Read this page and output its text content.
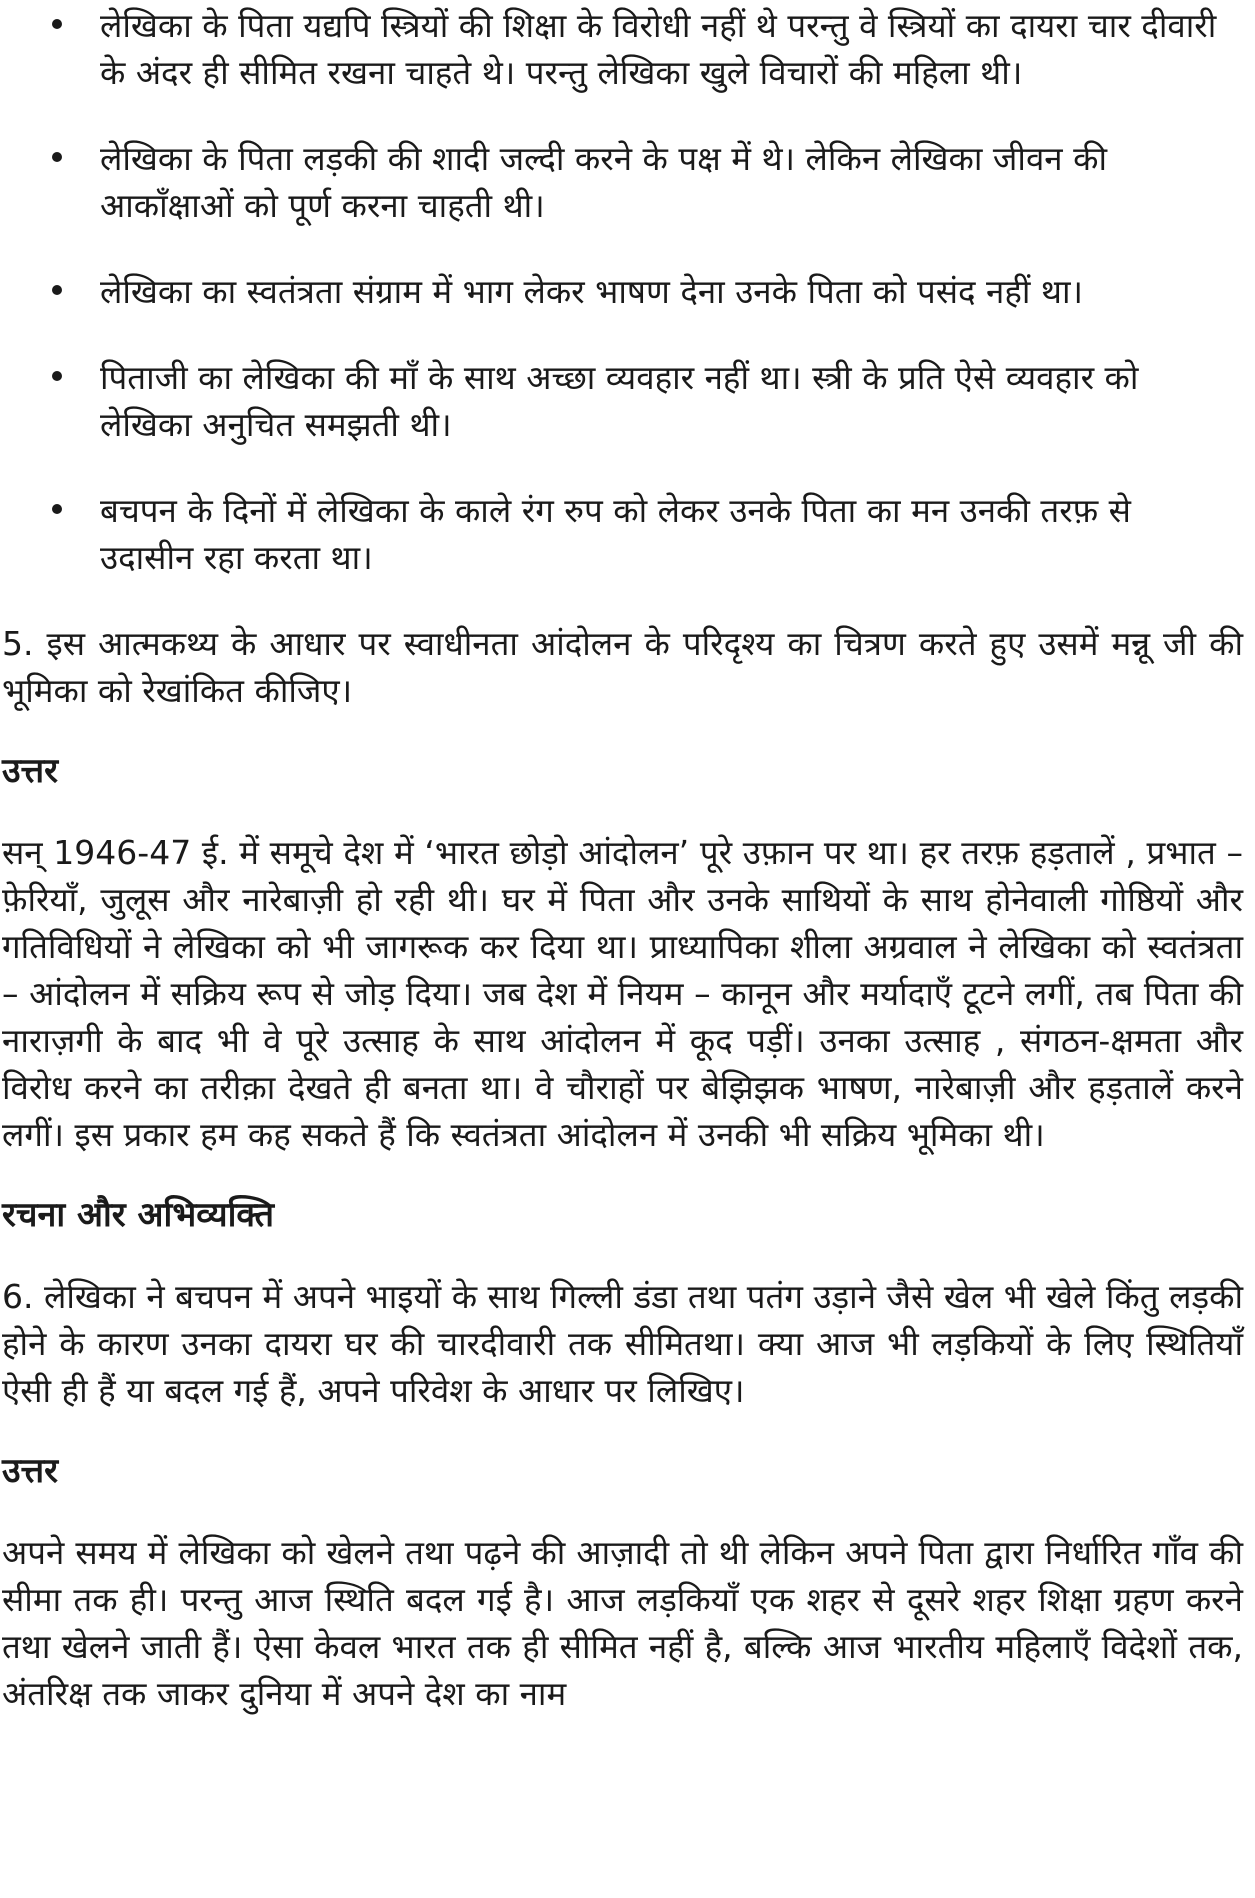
लेखिका के पिता यद्यपि स्त्रियों की शिक्षा के विरोधी नहीं थे परन्तु वे स्त्रियों का दायरा चार दीवारी के अंदर ही सीमित रखना चाहते थे। परन्तु लेखिका खुले विचारों की महिला थी।
लेखिका के पिता लड़की की शादी जल्दी करने के पक्ष में थे। लेकिन लेखिका जीवन की आकाँक्षाओं को पूर्ण करना चाहती थी।
लेखिका का स्वतंत्रता संग्राम में भाग लेकर भाषण देना उनके पिता को पसंद नहीं था।
पिताजी का लेखिका की माँ के साथ अच्छा व्यवहार नहीं था। स्त्री के प्रति ऐसे व्यवहार को लेखिका अनुचित समझती थी।
बचपन के दिनों में लेखिका के काले रंग रुप को लेकर उनके पिता का मन उनकी तरफ़ से उदासीन रहा करता था।

5. इस आत्मकथ्य के आधार पर स्वाधीनता आंदोलन के परिदृश्य का चित्रण करते हुए उसमें मन्नू जी की भूमिका को रेखांकित कीजिए।

उत्तर

सन् 1946-47 ई. में समूचे देश में ‘भारत छोड़ो आंदोलन’ पूरे उफ़ान पर था। हर तरफ़ हड़तालें , प्रभात – फ़ेरियाँ, जुलूस और नारेबाज़ी हो रही थी। घर में पिता और उनके साथियों के साथ होनेवाली गोष्ठियों और गतिविधियों ने लेखिका को भी जागरूक कर दिया था। प्राध्यापिका शीला अग्रवाल ने लेखिका को स्वतंत्रता – आंदोलन में सक्रिय रूप से जोड़ दिया। जब देश में नियम – कानून और मर्यादाएँ टूटने लगीं, तब पिता की नाराज़गी के बाद भी वे पूरे उत्साह के साथ आंदोलन में कूद पड़ीं। उनका उत्साह , संगठन-क्षमता और विरोध करने का तरीक़ा देखते ही बनता था। वे चौराहों पर बेझिझक भाषण, नारेबाज़ी और हड़तालें करने लगीं। इस प्रकार हम कह सकते हैं कि स्वतंत्रता आंदोलन में उनकी भी सक्रिय भूमिका थी।

रचना और अभिव्यक्ति

6. लेखिका ने बचपन में अपने भाइयों के साथ गिल्ली डंडा तथा पतंग उड़ाने जैसे खेल भी खेले किंतु लड़की होने के कारण उनका दायरा घर की चारदीवारी तक सीमितथा। क्या आज भी लड़कियों के लिए स्थितियाँ ऐसी ही हैं या बदल गई हैं, अपने परिवेश के आधार पर लिखिए।

उत्तर

अपने समय में लेखिका को खेलने तथा पढ़ने की आज़ादी तो थी लेकिन अपने पिता द्वारा निर्धारित गाँव की सीमा तक ही। परन्तु आज स्थिति बदल गई है। आज लड़कियाँ एक शहर से दूसरे शहर शिक्षा ग्रहण करने तथा खेलने जाती हैं। ऐसा केवल भारत तक ही सीमित नहीं है, बल्कि आज भारतीय महिलाएँ विदेशों तक, अंतरिक्ष तक जाकर दुनिया में अपने देश का नाम
